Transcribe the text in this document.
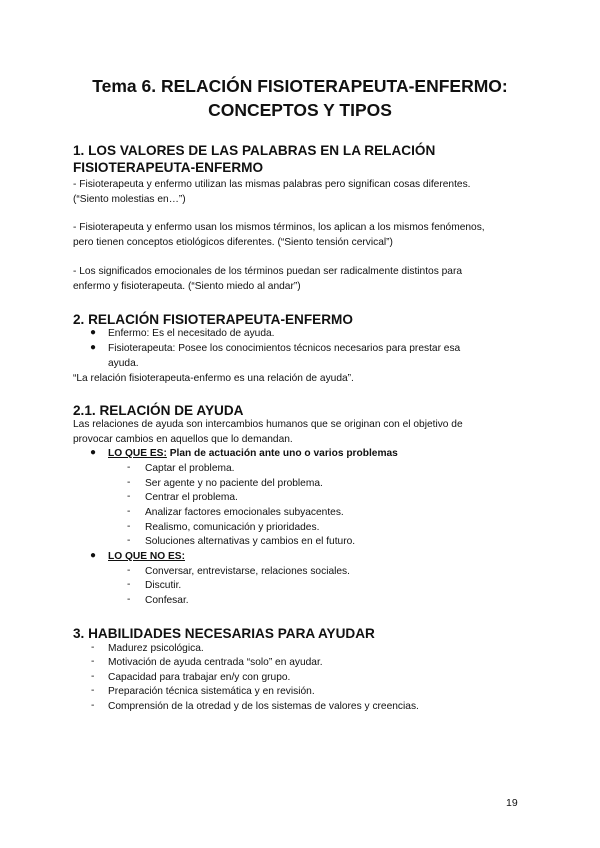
Tema 6. RELACIÓN FISIOTERAPEUTA-ENFERMO:
CONCEPTOS Y TIPOS
1. LOS VALORES DE LAS PALABRAS EN LA RELACIÓN
FISIOTERAPEUTA-ENFERMO
- Fisioterapeuta y enfermo utilizan las mismas palabras pero significan cosas diferentes.
(“Siento molestias en…”)
- Fisioterapeuta y enfermo usan los mismos términos, los aplican a los mismos fenómenos,
pero tienen conceptos etiológicos diferentes. (“Siento tensión cervical”)
- Los significados emocionales de los términos puedan ser radicalmente distintos para
enfermo y fisioterapeuta. (“Siento miedo al andar”)
2. RELACIÓN FISIOTERAPEUTA-ENFERMO
● Enfermo: Es el necesitado de ayuda.
● Fisioterapeuta: Posee los conocimientos técnicos necesarios para prestar esa
ayuda.
“La relación fisioterapeuta-enfermo es una relación de ayuda”.
2.1. RELACIÓN DE AYUDA
Las relaciones de ayuda son intercambios humanos que se originan con el objetivo de
provocar cambios en aquellos que lo demandan.
● LO QUE ES: Plan de actuación ante uno o varios problemas
- Captar el problema.
- Ser agente y no paciente del problema.
- Centrar el problema.
- Analizar factores emocionales subyacentes.
- Realismo, comunicación y prioridades.
- Soluciones alternativas y cambios en el futuro.
● LO QUE NO ES:
- Conversar, entrevistarse, relaciones sociales.
- Discutir.
- Confesar.
3. HABILIDADES NECESARIAS PARA AYUDAR
- Madurez psicológica.
- Motivación de ayuda centrada “solo” en ayudar.
- Capacidad para trabajar en/y con grupo.
- Preparación técnica sistemática y en revisión.
- Comprensión de la otredad y de los sistemas de valores y creencias.
19
